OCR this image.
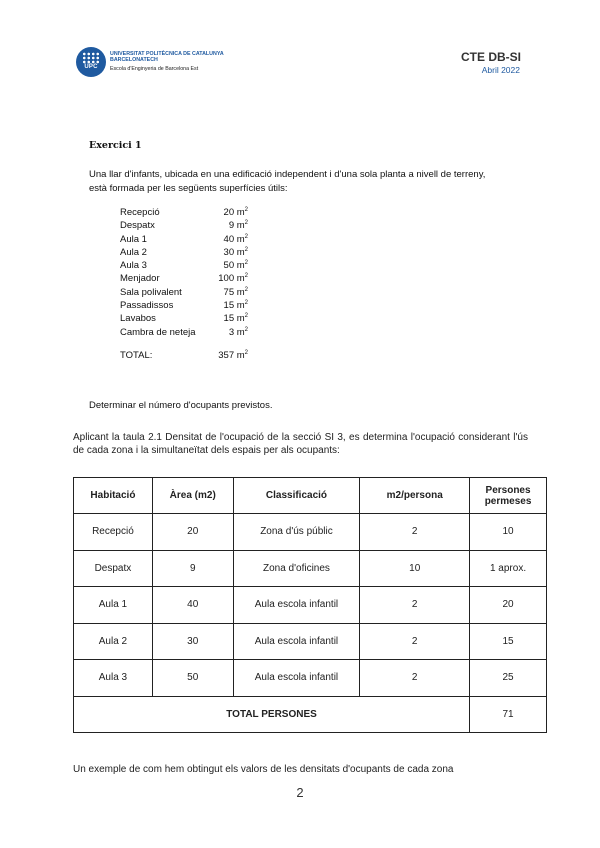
UPC
UNIVERSITAT POLITÈCNICA DE CATALUNYA
BARCELONATECH
Escola d'Enginyeria de Barcelona Est
CTE DB-SI
Abril 2022
Exercici 1
Una llar d'infants, ubicada en una edificació independent i d'una sola planta a nivell de terreny, està formada per les següents superfícies útils:
Recepció	20 $m^2$
Despatx	9 $m^2$
Aula 1	40 $m^2$
Aula 2	30 $m^2$
Aula 3	50 $m^2$
Menjador	100 $m^2$
Sala polivalent	75 $m^2$
Passadissos	15 $m^2$
Lavabos	15 $m^2$
Cambra de neteja	3 $m^2$
TOTAL:	357 $m^2$
Determinar el número d'ocupants previstos.
Aplicant la taula 2.1 Densitat de l'ocupació de la secció SI 3, es determina l'ocupació considerant l'ús de cada zona i la simultaneïtat dels espais per als ocupants:
Habitació	Àrea (m2)	Classificació	m2/persona	Persones permeses
Recepció	20	Zona d'ús públic	2	10
Despatx	9	Zona d'oficines	10	1 aprox.
Aula 1	40	Aula escola infantil	2	20
Aula 2	30	Aula escola infantil	2	15
Aula 3	50	Aula escola infantil	2	25
TOTAL PERSONES				71
Un exemple de com hem obtingut els valors de les densitats d'ocupants de cada zona
2
